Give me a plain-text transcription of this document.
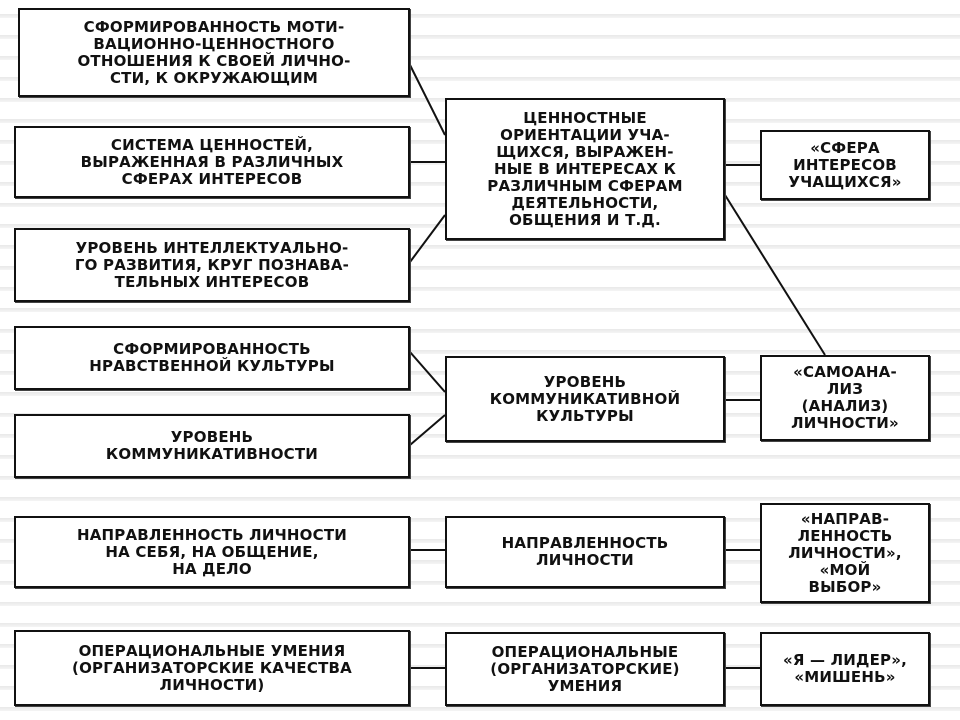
СФОРМИРОВАННОСТЬ МОТИ-
ВАЦИОННО-ЦЕННОСТНОГО
ОТНОШЕНИЯ К СВОЕЙ ЛИЧНО-
СТИ, К ОКРУЖАЮЩИМ
СИСТЕМА ЦЕННОСТЕЙ,
ВЫРАЖЕННАЯ В РАЗЛИЧНЫХ
СФЕРАХ ИНТЕРЕСОВ
УРОВЕНЬ ИНТЕЛЛЕКТУАЛЬНО-
ГО РАЗВИТИЯ, КРУГ ПОЗНАВА-
ТЕЛЬНЫХ ИНТЕРЕСОВ
СФОРМИРОВАННОСТЬ
НРАВСТВЕННОЙ КУЛЬТУРЫ
УРОВЕНЬ
КОММУНИКАТИВНОСТИ
НАПРАВЛЕННОСТЬ ЛИЧНОСТИ
НА СЕБЯ, НА ОБЩЕНИЕ,
НА ДЕЛО
ОПЕРАЦИОНАЛЬНЫЕ УМЕНИЯ
(ОРГАНИЗАТОРСКИЕ КАЧЕСТВА
ЛИЧНОСТИ)
ЦЕННОСТНЫЕ
ОРИЕНТАЦИИ УЧА-
ЩИХСЯ, ВЫРАЖЕН-
НЫЕ В ИНТЕРЕСАХ К
РАЗЛИЧНЫМ СФЕРАМ
ДЕЯТЕЛЬНОСТИ,
ОБЩЕНИЯ И Т.Д.
УРОВЕНЬ
КОММУНИКАТИВНОЙ
КУЛЬТУРЫ
НАПРАВЛЕННОСТЬ
ЛИЧНОСТИ
ОПЕРАЦИОНАЛЬНЫЕ
(ОРГАНИЗАТОРСКИЕ)
УМЕНИЯ
«СФЕРА
ИНТЕРЕСОВ
УЧАЩИХСЯ»
«САМОАНА-
ЛИЗ
(АНАЛИЗ)
ЛИЧНОСТИ»
«НАПРАВ-
ЛЕННОСТЬ
ЛИЧНОСТИ»,
«МОЙ
ВЫБОР»
«Я — ЛИДЕР»,
«МИШЕНЬ»
